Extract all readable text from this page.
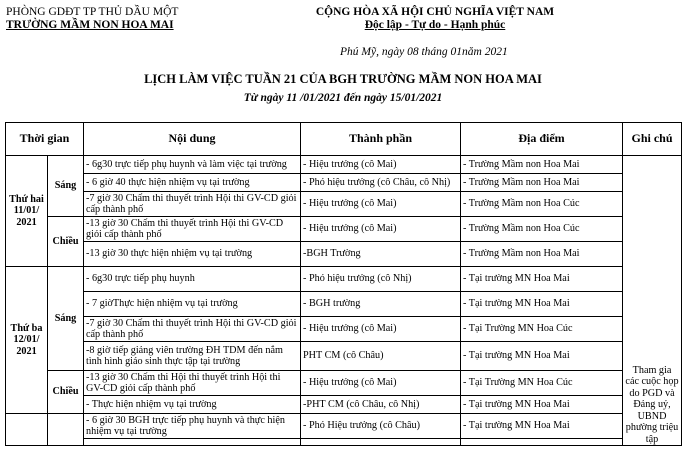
PHÒNG GDĐT TP THỦ DẦU MỘT
TRƯỜNG MẦM NON HOA MAI
CỘNG HÒA XÃ HỘI CHỦ NGHĨA VIỆT NAM
Độc lập - Tự do - Hạnh phúc
Phú Mỹ, ngày 08 tháng 01năm 2021
LỊCH LÀM VIỆC TUẦN 21 CỦA BGH TRƯỜNG MẦM NON HOA MAI
Từ ngày 11 /01/2021 đến ngày 15/01/2021
Thời gian		Nội dung	Thành phần	Địa điểm	Ghi chú
Thứ hai 11/01/ 2021	Sáng	- 6g30 trực tiếp phụ huynh và làm việc tại trường	- Hiệu trưởng (cô Mai)	- Trường Mầm non Hoa Mai	Tham gia các cuộc họp do PGD và Đảng uỷ, UBND phường triệu tập
		- 6 giờ 40 thực hiện nhiệm vụ tại trường	- Phó hiệu trưởng (cô Châu, cô Nhị)	- Trường Mầm non Hoa Mai	
		-7 giờ 30 Chấm thi thuyết trình Hội thi GV-CD giỏi cấp thành phố	- Hiệu trưởng (cô Mai)	- Trường Mầm non Hoa Cúc	
	Chiều	-13 giờ 30 Chấm thi thuyết trình Hội thi GV-CD giỏi cấp thành phố	- Hiệu trưởng (cô Mai)	- Trường Mầm non Hoa Cúc	
		-13 giờ 30 thực hiện nhiệm vụ tại trường	-BGH Trường	- Trường Mầm non Hoa Mai	
Thứ ba 12/01/ 2021	Sáng	- 6g30 trực tiếp phụ huynh	- Phó hiệu trưởng (cô Nhị)	- Tại trường MN Hoa Mai	
		- 7 giờThực hiện nhiệm vụ tại trường	- BGH trường	- Tại trường MN Hoa Mai	
		-7 giờ 30 Chấm thi thuyết trình Hội thi GV-CD giỏi cấp thành phố	- Hiệu trưởng (cô Mai)	- Tại Trường MN Hoa Cúc	
		-8 giờ tiếp giảng viên trường ĐH TDM đến nắm tình hình giáo sinh thực tập tại trường	PHT CM (cô Châu)	- Tại trường MN Hoa Mai	
	Chiều	-13 giờ 30 Chấm thi Hội thi thuyết trình Hội thi GV-CD giỏi cấp thành phố	- Hiệu trưởng (cô Mai)	- Tại Trường MN Hoa Cúc	
		- Thực hiện nhiệm vụ tại trường	-PHT CM (cô Châu, cô Nhị)	- Tại trường MN Hoa Mai	
		- 6 giờ 30 BGH trực tiếp phụ huynh và thực hiện nhiệm vụ tại trường	- Phó Hiệu trưởng (cô Châu)	- Tại trường MN Hoa Mai	
